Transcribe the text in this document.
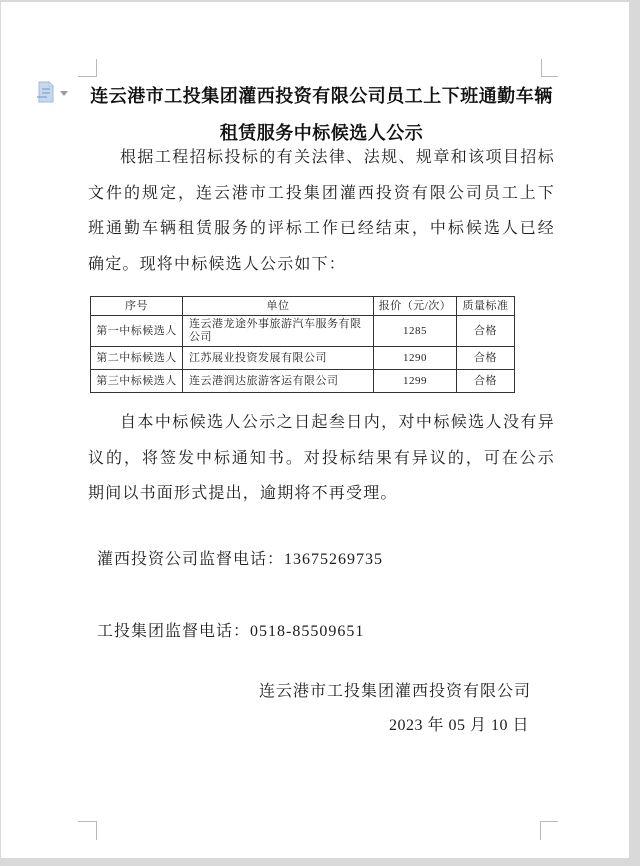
连云港市工投集团灌西投资有限公司员工上下班通勤车辆
租赁服务中标候选人公示
根据工程招标投标的有关法律、法规、规章和该项目招标
文件的规定，连云港市工投集团灌西投资有限公司员工上下
班通勤车辆租赁服务的评标工作已经结束，中标候选人已经
确定。现将中标候选人公示如下：
序号	单位	报价（元/次）	质量标准
第一中标候选人	连云港龙途外事旅游汽车服务有限公司	1285	合格
第二中标候选人	江苏展业投资发展有限公司	1290	合格
第三中标候选人	连云港润达旅游客运有限公司	1299	合格
自本中标候选人公示之日起叁日内，对中标候选人没有异
议的，将签发中标通知书。对投标结果有异议的，可在公示
期间以书面形式提出，逾期将不再受理。
灌西投资公司监督电话：13675269735
工投集团监督电话：0518-85509651
连云港市工投集团灌西投资有限公司
2023 年 05 月 10 日
